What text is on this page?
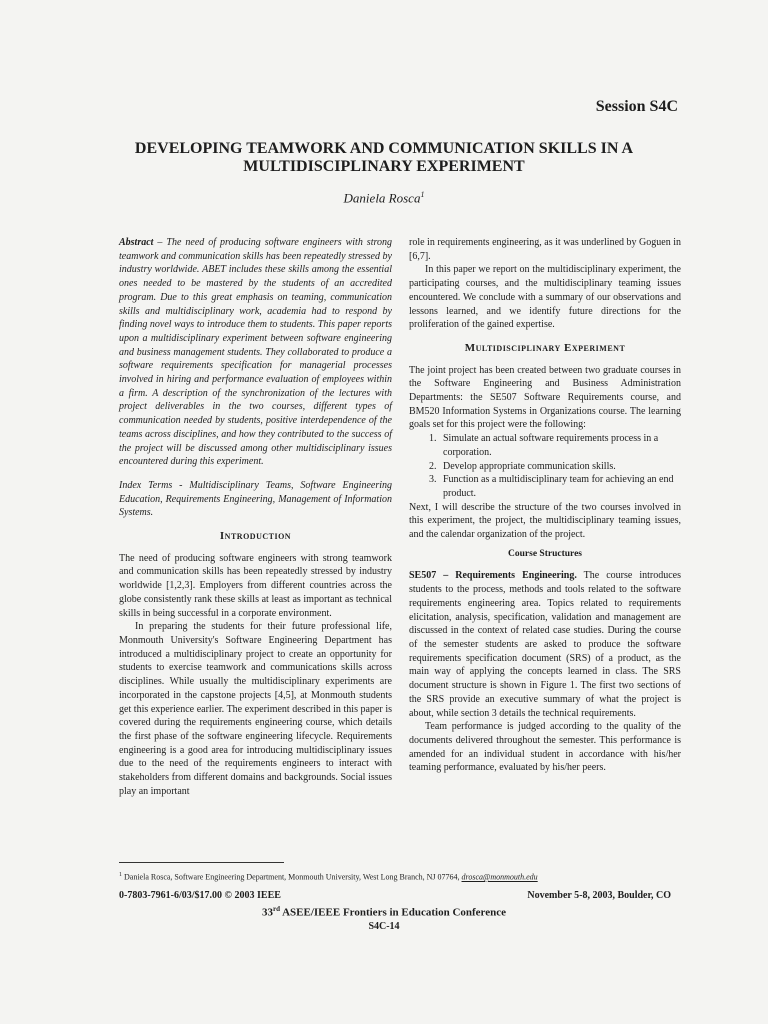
Session S4C

DEVELOPING TEAMWORK AND COMMUNICATION SKILLS IN A

MULTIDISCIPLINARY EXPERIMENT

Daniela Rosca$^1$

Abstract – The need of producing software engineers with strong teamwork and communication skills has been repeatedly stressed by industry worldwide. ABET includes these skills among the essential ones needed to be mastered by the students of an accredited program. Due to this great emphasis on teaming, communication skills and multidisciplinary work, academia had to respond by finding novel ways to introduce them to students. This paper reports upon a multidisciplinary experiment between software engineering and business management students. They collaborated to produce a software requirements specification for managerial processes involved in hiring and performance evaluation of employees within a firm. A description of the synchronization of the lectures with project deliverables in the two courses, different types of communication needed by students, positive interdependence of the teams across disciplines, and how they contributed to the success of the project will be discussed among other multidisciplinary issues encountered during this experiment.

Index Terms - Multidisciplinary Teams, Software Engineering Education, Requirements Engineering, Management of Information Systems.

Introduction

The need of producing software engineers with strong teamwork and communication skills has been repeatedly stressed by industry worldwide [1,2,3]. Employers from different countries across the globe consistently rank these skills at least as important as technical skills in being successful in a corporate environment.

In preparing the students for their future professional life, Monmouth University's Software Engineering Department has introduced a multidisciplinary project to create an opportunity for students to exercise teamwork and communications skills across disciplines. While usually the multidisciplinary experiments are incorporated in the capstone projects [4,5], at Monmouth students get this experience earlier. The experiment described in this paper is covered during the requirements engineering course, which details the first phase of the software engineering lifecycle. Requirements engineering is a good area for introducing multidisciplinary issues due to the need of the requirements engineers to interact with stakeholders from different domains and backgrounds. Social issues play an important

role in requirements engineering, as it was underlined by Goguen in [6,7].

In this paper we report on the multidisciplinary experiment, the participating courses, and the multidisciplinary teaming issues encountered. We conclude with a summary of our observations and lessons learned, and we identify future directions for the proliferation of the gained expertise.

Multidisciplinary Experiment

The joint project has been created between two graduate courses in the Software Engineering and Business Administration Departments: the SE507 Software Requirements course, and BM520 Information Systems in Organizations course. The learning goals set for this project were the following:

1. Simulate an actual software requirements process in a corporation.
2. Develop appropriate communication skills.
3. Function as a multidisciplinary team for achieving an end product.

Next, I will describe the structure of the two courses involved in this experiment, the project, the multidisciplinary teaming issues, and the calendar organization of the project.

Course Structures

SE507 – Requirements Engineering. The course introduces students to the process, methods and tools related to the software requirements engineering area. Topics related to requirements elicitation, analysis, specification, validation and management are discussed in the context of related case studies. During the course of the semester students are asked to produce the software requirements specification document (SRS) of a product, as the main way of applying the concepts learned in class. The SRS document structure is shown in Figure 1. The first two sections of the SRS provide an executive summary of what the project is about, while section 3 details the technical requirements.

Team performance is judged according to the quality of the documents delivered throughout the semester. This performance is amended for an individual student in accordance with his/her teaming performance, evaluated by his/her peers.

$^1$ Daniela Rosca, Software Engineering Department, Monmouth University, West Long Branch, NJ 07764, drosca@monmouth.edu
0-7803-7961-6/03/$17.00 © 2003 IEEE	November 5-8, 2003, Boulder, CO
33rd ASEE/IEEE Frontiers in Education Conference
S4C-14
